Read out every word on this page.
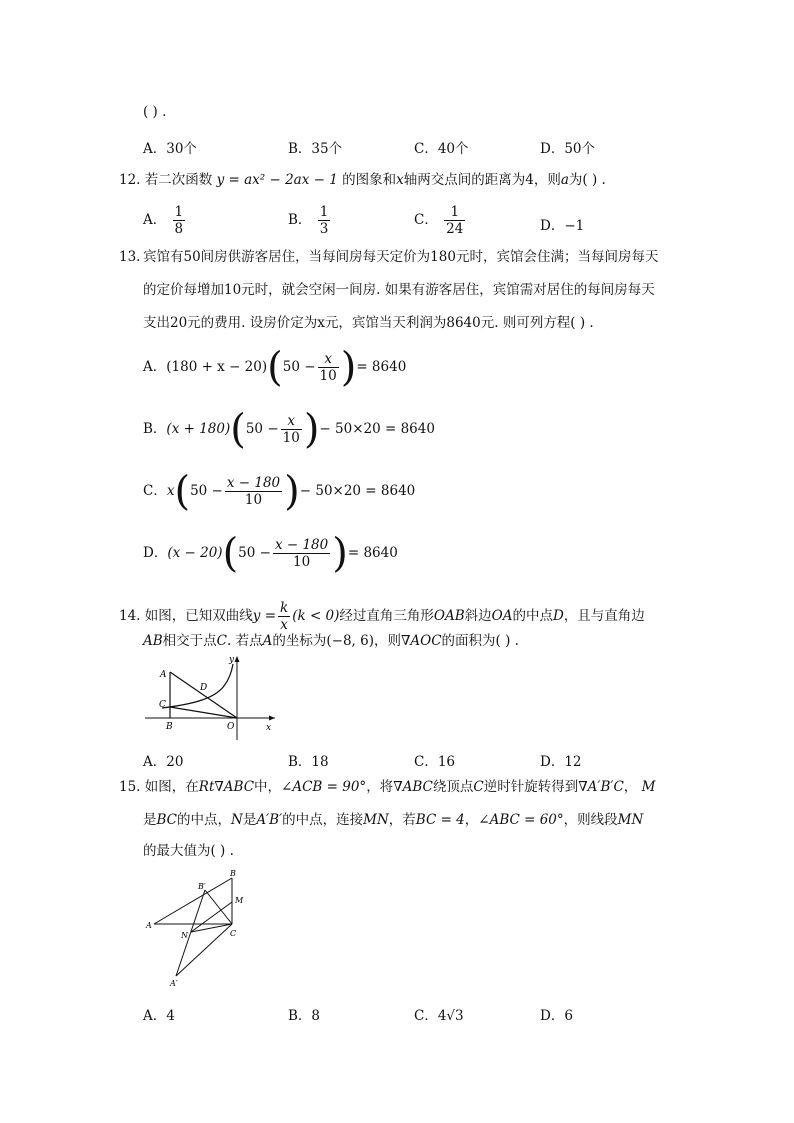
( ) .
A．30个	B．35个	C．40个	D．50个
12. 若二次函数 y = ax² − 2ax − 1 的图象和x轴两交点间的距离为4，则a为( ) .
A． $\frac{1}{8}$	B． $\frac{1}{3}$	C． $\frac{1}{24}$	D．−1
13. 宾馆有50间房供游客居住，当每间房每天定价为180元时，宾馆会住满；当每间房每天
的定价每增加10元时，就会空闲一间房. 如果有游客居住，宾馆需对居住的每间房每天
支出20元的费用. 设房价定为x元，宾馆当天利润为8640元. 则可列方程( ) .
A．$(180 + x - 20)(50 - \frac{x}{10}$ )= 8640
B．$(x + 180)(50 - \frac{x}{10}$ )− 50×20 = 8640
C．$x(50 - \frac{x - 180}{10}$ )− 50×20 = 8640
D．$(x - 20)(50 - \frac{x - 180}{10}$ )= 8640
14. 如图，已知双曲线$y = \frac{k}{x} (k < 0)$经过直角三角形OAB斜边OA的中点D，且与直角边
AB相交于点C. 若点A的坐标为(−8, 6)，则∇AOC的面积为( ) .
A
D
C
B	O	x
y
A．20	B．18	C．16	D．12
15. 如图，在Rt∇ABC中，∠ACB = 90°，将∇ABC绕顶点C逆时针旋转得到∇A′B′C， M
是BC的中点，N是A′B′的中点，连接MN，若BC = 4，∠ABC = 60°，则线段MN
的最大值为( ) .
B′
B
M
A
N	C
A′
A．4	B．8	C．4√3	D．6
